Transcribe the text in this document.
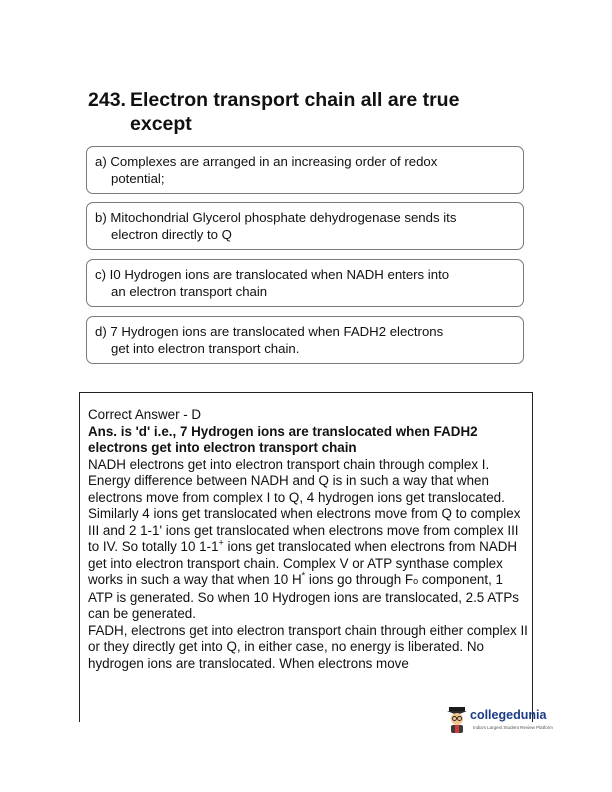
243. Electron transport chain all are true
except
a) Complexes are arranged in an increasing order of redox
potential;
b) Mitochondrial Glycerol phosphate dehydrogenase sends its
electron directly to Q
c) I0 Hydrogen ions are translocated when NADH enters into
an electron transport chain
d) 7 Hydrogen ions are translocated when FADH2 electrons
get into electron transport chain.

Correct Answer - D

Ans. is 'd' i.e., 7 Hydrogen ions are translocated when FADH2 electrons get into electron transport chain

NADH electrons get into electron transport chain through complex I. Energy difference between NADH and Q is in such a way that when electrons move from complex I to Q, 4 hydrogen ions get translocated.
Similarly 4 ions get translocated when electrons move from Q to complex III and 2 1-1' ions get translocated when electrons move from complex III to IV. So totally 10 1-1+ ions get translocated when electrons from NADH get into electron transport chain. Complex V or ATP synthase complex works in such a way that when 10 H* ions go through Fo component, 1 ATP is generated. So when 10 Hydrogen ions are translocated, 2.5 ATPs can be generated.
FADH, electrons get into electron transport chain through either complex II or they directly get into Q, in either case, no energy is liberated. No hydrogen ions are translocated. When electrons move
collegedunia
India's Largest Student Review Platform
